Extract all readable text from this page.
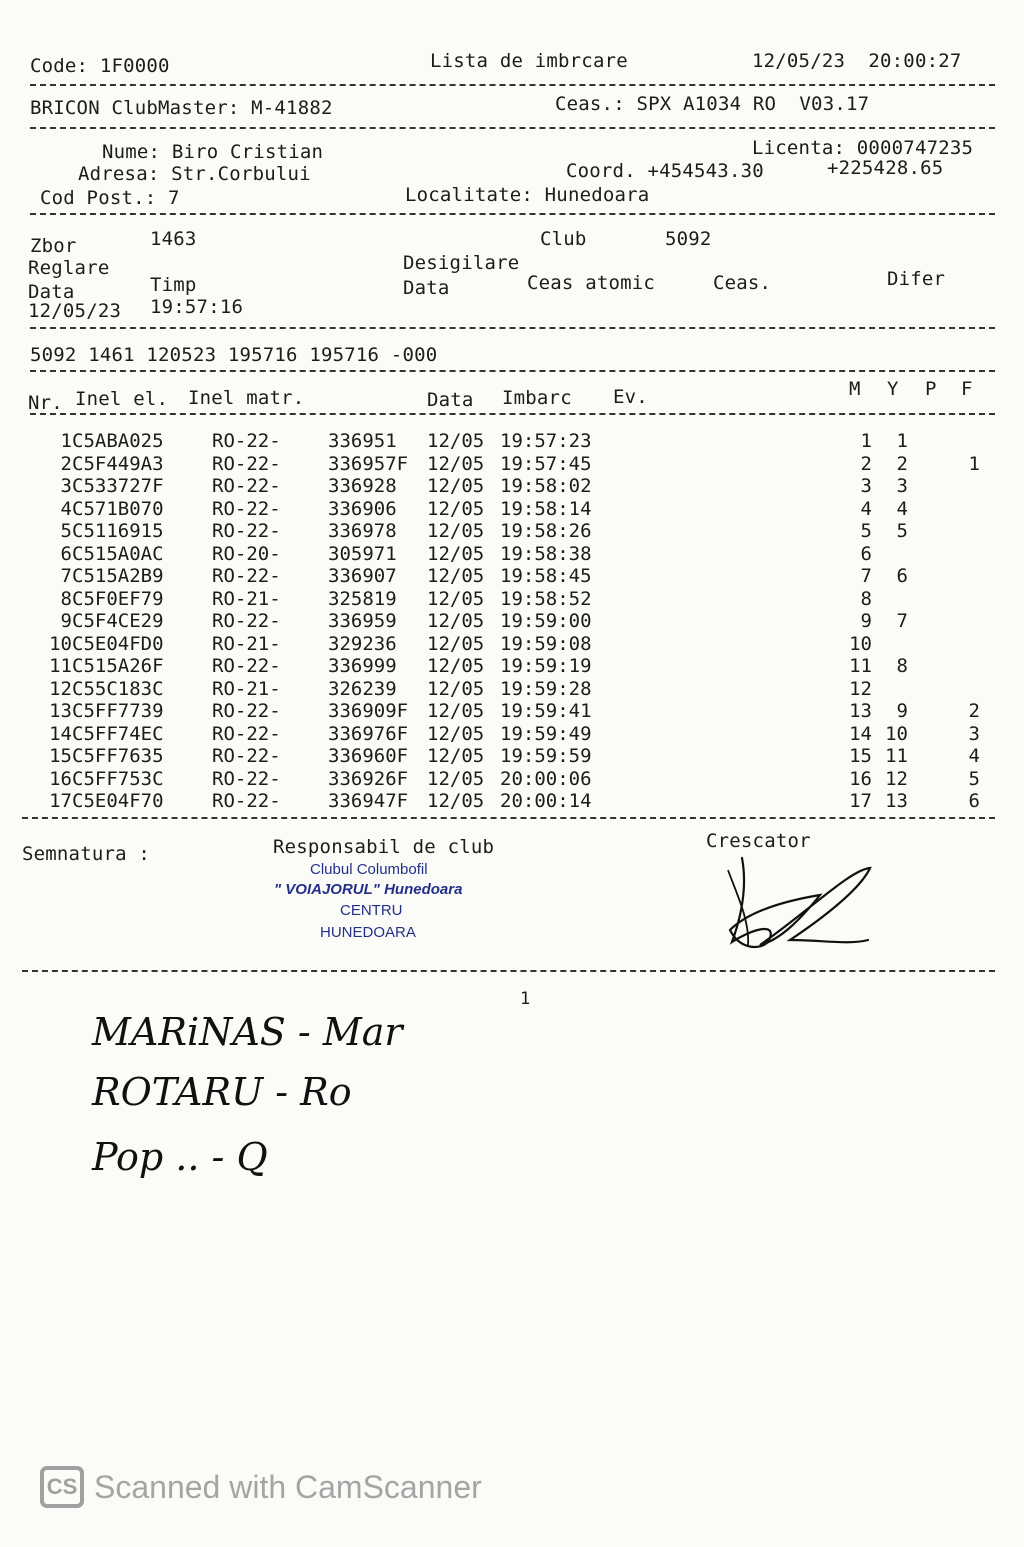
Code: 1F0000	Lista de imbrcare	12/05/23  20:00:27
BRICON ClubMaster: M-41882	Ceas.: SPX A1034 RO  V03.17
Nume: Biro Cristian	Licenta: 0000747235
Adresa: Str.Corbului	Coord. +454543.30	+225428.65
Cod Post.: 7	Localitate: Hunedoara
Zbor	1463	Club	5092
Reglare	Desigilare
Data	Timp	Data	Ceas atomic	Ceas.	Difer
12/05/23 19:57:16
5092 1461 120523 195716 195716 -000
Nr. Inel el. Inel matr.	Data Imbarc Ev.	M Y P F
1 C5ABA025	RO-22- 336951 12/05 19:57:23	1 1
2 C5F449A3	RO-22- 336957F 12/05 19:57:45	2 2	1
3 C533727F	RO-22- 336928 12/05 19:58:02	3 3
4 C571B070	RO-22- 336906 12/05 19:58:14	4 4
5 C5116915	RO-22- 336978 12/05 19:58:26	5 5
6 C515A0AC	RO-20- 305971 12/05 19:58:38	6
7 C515A2B9	RO-22- 336907 12/05 19:58:45	7 6
8 C5F0EF79	RO-21- 325819 12/05 19:58:52	8
9 C5F4CE29	RO-22- 336959 12/05 19:59:00	9 7
10 C5E04FD0	RO-21- 329236 12/05 19:59:08	10
11 C515A26F	RO-22- 336999 12/05 19:59:19	11 8
12 C55C183C	RO-21- 326239 12/05 19:59:28	12
13 C5FF7739	RO-22- 336909F 12/05 19:59:41	13 9	2
14 C5FF74EC	RO-22- 336976F 12/05 19:59:49	14 10	3
15 C5FF7635	RO-22- 336960F 12/05 19:59:59	15 11	4
16 C5FF753C	RO-22- 336926F 12/05 20:00:06	16 12	5
17 C5E04F70	RO-22- 336947F 12/05 20:00:14	17 13	6
Semnatura :	Responsabil de club	Crescator
Clubul Columbofil
" VOIAJORUL" Hunedoara
CENTRU
HUNEDOARA
1
MARiNAS - Mar
ROTARU - Ro
Pop .. - Q
CS Scanned with CamScanner
